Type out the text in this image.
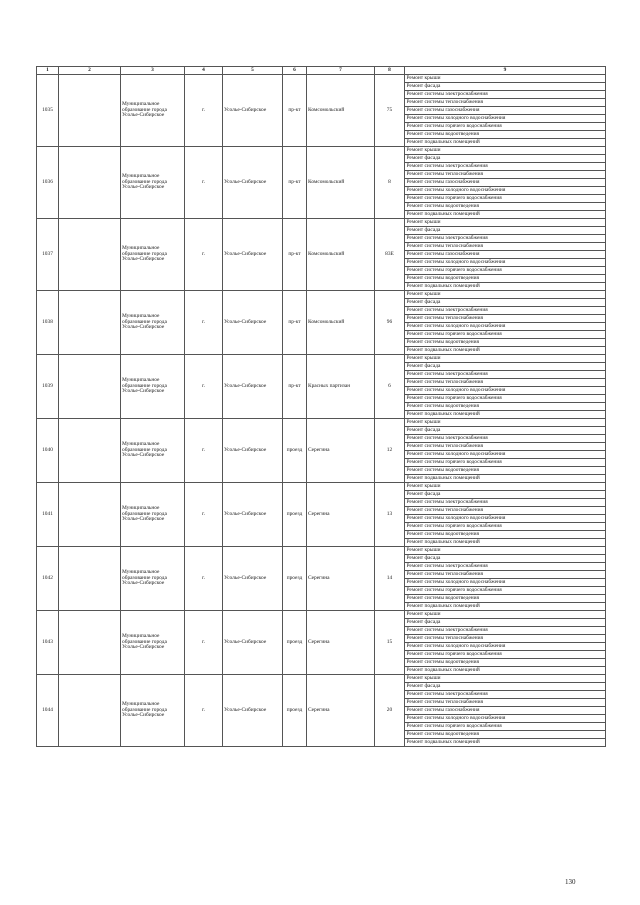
1	2	3	4	5	6	7	8	9
1035		Муниципальное образование города Усолье-Сибирское	г.	Усолье-Сибирское	пр-кт	Комсомольский	75	Ремонт крыши
								Ремонт фасада
								Ремонт системы электроснабжения
								Ремонт системы теплоснабжения
								Ремонт системы газоснабжения
								Ремонт системы холодного водоснабжения
								Ремонт системы горячего водоснабжения
								Ремонт системы водоотведения
								Ремонт подвальных помещений
1036		Муниципальное образование города Усолье-Сибирское	г.	Усолье-Сибирское	пр-кт	Комсомольский	8	Ремонт крыши
								Ремонт фасада
								Ремонт системы электроснабжения
								Ремонт системы теплоснабжения
								Ремонт системы газоснабжения
								Ремонт системы холодного водоснабжения
								Ремонт системы горячего водоснабжения
								Ремонт системы водоотведения
								Ремонт подвальных помещений
1037		Муниципальное образование города Усолье-Сибирское	г.	Усолье-Сибирское	пр-кт	Комсомольский	83Е	Ремонт крыши
								Ремонт фасада
								Ремонт системы электроснабжения
								Ремонт системы теплоснабжения
								Ремонт системы газоснабжения
								Ремонт системы холодного водоснабжения
								Ремонт системы горячего водоснабжения
								Ремонт системы водоотведения
								Ремонт подвальных помещений
1038		Муниципальное образование города Усолье-Сибирское	г.	Усолье-Сибирское	пр-кт	Комсомольский	96	Ремонт крыши
								Ремонт фасада
								Ремонт системы электроснабжения
								Ремонт системы теплоснабжения
								Ремонт системы холодного водоснабжения
								Ремонт системы горячего водоснабжения
								Ремонт системы водоотведения
								Ремонт подвальных помещений
1039		Муниципальное образование города Усолье-Сибирское	г.	Усолье-Сибирское	пр-кт	Красных партизан	6	Ремонт крыши
								Ремонт фасада
								Ремонт системы электроснабжения
								Ремонт системы теплоснабжения
								Ремонт системы холодного водоснабжения
								Ремонт системы горячего водоснабжения
								Ремонт системы водоотведения
								Ремонт подвальных помещений
1040		Муниципальное образование города Усолье-Сибирское	г.	Усолье-Сибирское	проезд	Серегина	12	Ремонт крыши
								Ремонт фасада
								Ремонт системы электроснабжения
								Ремонт системы теплоснабжения
								Ремонт системы холодного водоснабжения
								Ремонт системы горячего водоснабжения
								Ремонт системы водоотведения
								Ремонт подвальных помещений
1041		Муниципальное образование города Усолье-Сибирское	г.	Усолье-Сибирское	проезд	Серегина	13	Ремонт крыши
								Ремонт фасада
								Ремонт системы электроснабжения
								Ремонт системы теплоснабжения
								Ремонт системы холодного водоснабжения
								Ремонт системы горячего водоснабжения
								Ремонт системы водоотведения
								Ремонт подвальных помещений
1042		Муниципальное образование города Усолье-Сибирское	г.	Усолье-Сибирское	проезд	Серегина	14	Ремонт крыши
								Ремонт фасада
								Ремонт системы электроснабжения
								Ремонт системы теплоснабжения
								Ремонт системы холодного водоснабжения
								Ремонт системы горячего водоснабжения
								Ремонт системы водоотведения
								Ремонт подвальных помещений
1043		Муниципальное образование города Усолье-Сибирское	г.	Усолье-Сибирское	проезд	Серегина	15	Ремонт крыши
								Ремонт фасада
								Ремонт системы электроснабжения
								Ремонт системы теплоснабжения
								Ремонт системы холодного водоснабжения
								Ремонт системы горячего водоснабжения
								Ремонт системы водоотведения
								Ремонт подвальных помещений
1044		Муниципальное образование города Усолье-Сибирское	г.	Усолье-Сибирское	проезд	Серегина	20	Ремонт крыши
								Ремонт фасада
								Ремонт системы электроснабжения
								Ремонт системы теплоснабжения
								Ремонт системы газоснабжения
								Ремонт системы холодного водоснабжения
								Ремонт системы горячего водоснабжения
								Ремонт системы водоотведения
								Ремонт подвальных помещений
130
